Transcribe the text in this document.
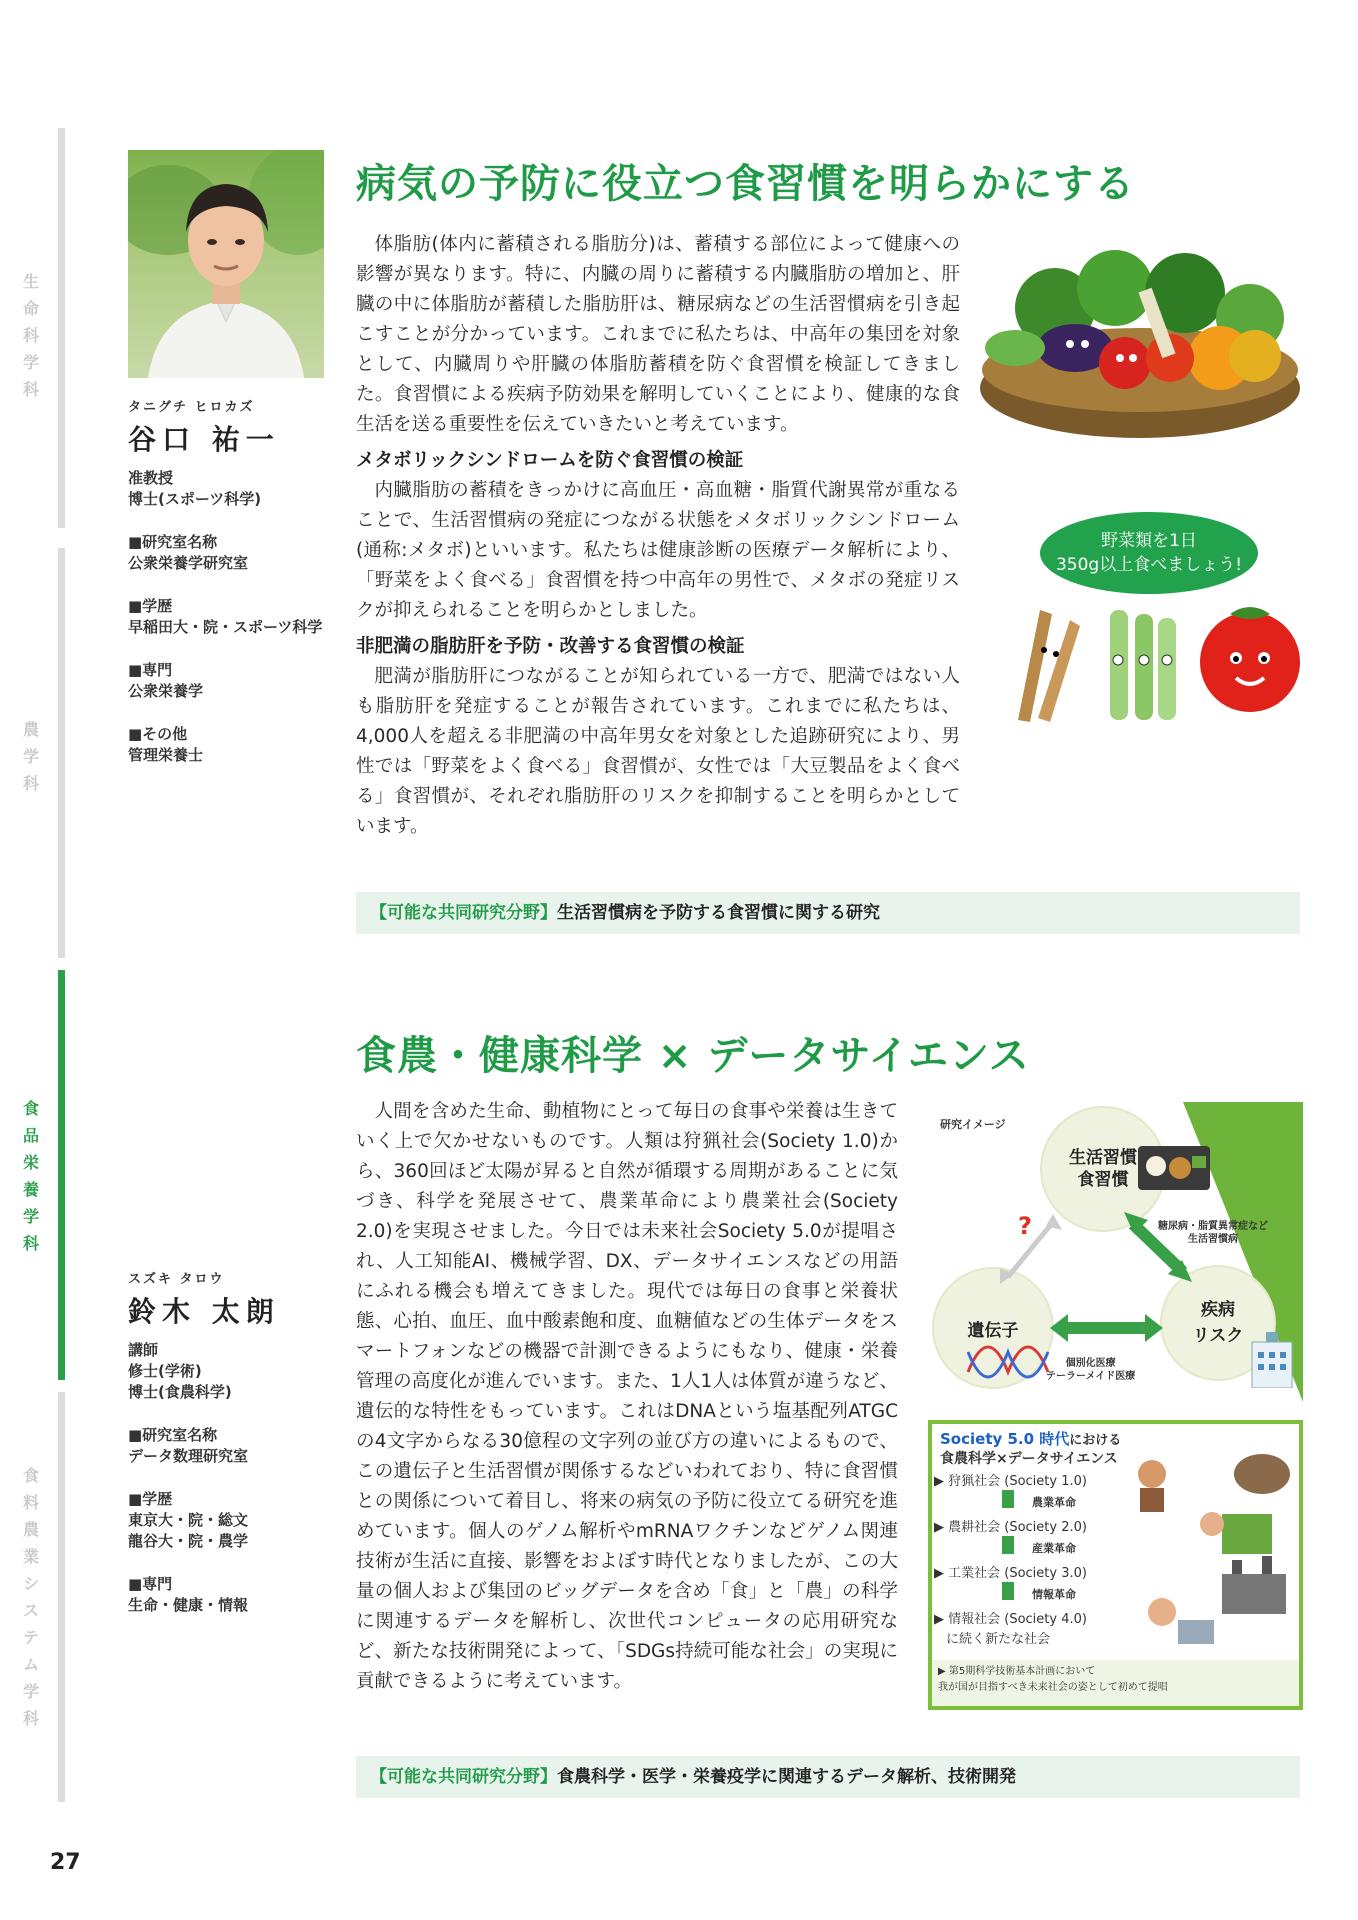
生命科学科
農学科
食品栄養学科
食料農業システム学科
タニグチ ヒロカズ
谷口 祐一
准教授
博士(スポーツ科学)
■研究室名称
公衆栄養学研究室
■学歴
早稲田大・院・スポーツ科学
■専門
公衆栄養学
■その他
管理栄養士
病気の予防に役立つ食習慣を明らかにする

体脂肪(体内に蓄積される脂肪分)は、蓄積する部位によって健康への影響が異なります。特に、内臓の周りに蓄積する内臓脂肪の増加と、肝臓の中に体脂肪が蓄積した脂肪肝は、糖尿病などの生活習慣病を引き起こすことが分かっています。これまでに私たちは、中高年の集団を対象として、内臓周りや肝臓の体脂肪蓄積を防ぐ食習慣を検証してきました。食習慣による疾病予防効果を解明していくことにより、健康的な食生活を送る重要性を伝えていきたいと考えています。

メタボリックシンドロームを防ぐ食習慣の検証

内臓脂肪の蓄積をきっかけに高血圧・高血糖・脂質代謝異常が重なることで、生活習慣病の発症につながる状態をメタボリックシンドローム(通称:メタボ)といいます。私たちは健康診断の医療データ解析により、「野菜をよく食べる」食習慣を持つ中高年の男性で、メタボの発症リスクが抑えられることを明らかとしました。

非肥満の脂肪肝を予防・改善する食習慣の検証

肥満が脂肪肝につながることが知られている一方で、肥満ではない人も脂肪肝を発症することが報告されています。これまでに私たちは、4,000人を超える非肥満の中高年男女を対象とした追跡研究により、男性では「野菜をよく食べる」食習慣が、女性では「大豆製品をよく食べる」食習慣が、それぞれ脂肪肝のリスクを抑制することを明らかとしています。

野菜類を1日
350g以上食べましょう!
【可能な共同研究分野】生活習慣病を予防する食習慣に関する研究
スズキ タロウ
鈴木 太朗
講師
修士(学術)
博士(食農科学)
■研究室名称
データ数理研究室
■学歴
東京大・院・総文
龍谷大・院・農学
■専門
生命・健康・情報
食農・健康科学 × データサイエンス

人間を含めた生命、動植物にとって毎日の食事や栄養は生きていく上で欠かせないものです。人類は狩猟社会(Society 1.0)から、360回ほど太陽が昇ると自然が循環する周期があることに気づき、科学を発展させて、農業革命により農業社会(Society 2.0)を実現させました。今日では未来社会Society 5.0が提唱され、人工知能AI、機械学習、DX、データサイエンスなどの用語にふれる機会も増えてきました。現代では毎日の食事と栄養状態、心拍、血圧、血中酸素飽和度、血糖値などの生体データをスマートフォンなどの機器で計測できるようにもなり、健康・栄養管理の高度化が進んでいます。また、1人1人は体質が違うなど、遺伝的な特性をもっています。これはDNAという塩基配列ATGCの4文字からなる30億程の文字列の並び方の違いによるもので、この遺伝子と生活習慣が関係するなどいわれており、特に食習慣との関係について着目し、将来の病気の予防に役立てる研究を進めています。個人のゲノム解析やmRNAワクチンなどゲノム関連技術が生活に直接、影響をおよぼす時代となりましたが、この大量の個人および集団のビッグデータを含め「食」と「農」の科学に関連するデータを解析し、次世代コンピュータの応用研究など、新たな技術開発によって、「SDGs持続可能な社会」の実現に貢献できるように考えています。

研究イメージ
生活習慣
食習慣
遺伝子
疾病
リスク
?	糖尿病・脂質異常症など
生活習慣病
個別化医療
テーラーメイド医療
Society 5.0 時代における
食農科学×データサイエンス
▶ 狩猟社会 (Society 1.0)
農業革命
▶ 農耕社会 (Society 2.0)
産業革命
▶ 工業社会 (Society 3.0)
情報革命
▶ 情報社会 (Society 4.0)
に続く新たな社会
▶ 第5期科学技術基本計画において
我が国が目指すべき未来社会の姿として初めて提唱
【可能な共同研究分野】食農科学・医学・栄養疫学に関連するデータ解析、技術開発
27
